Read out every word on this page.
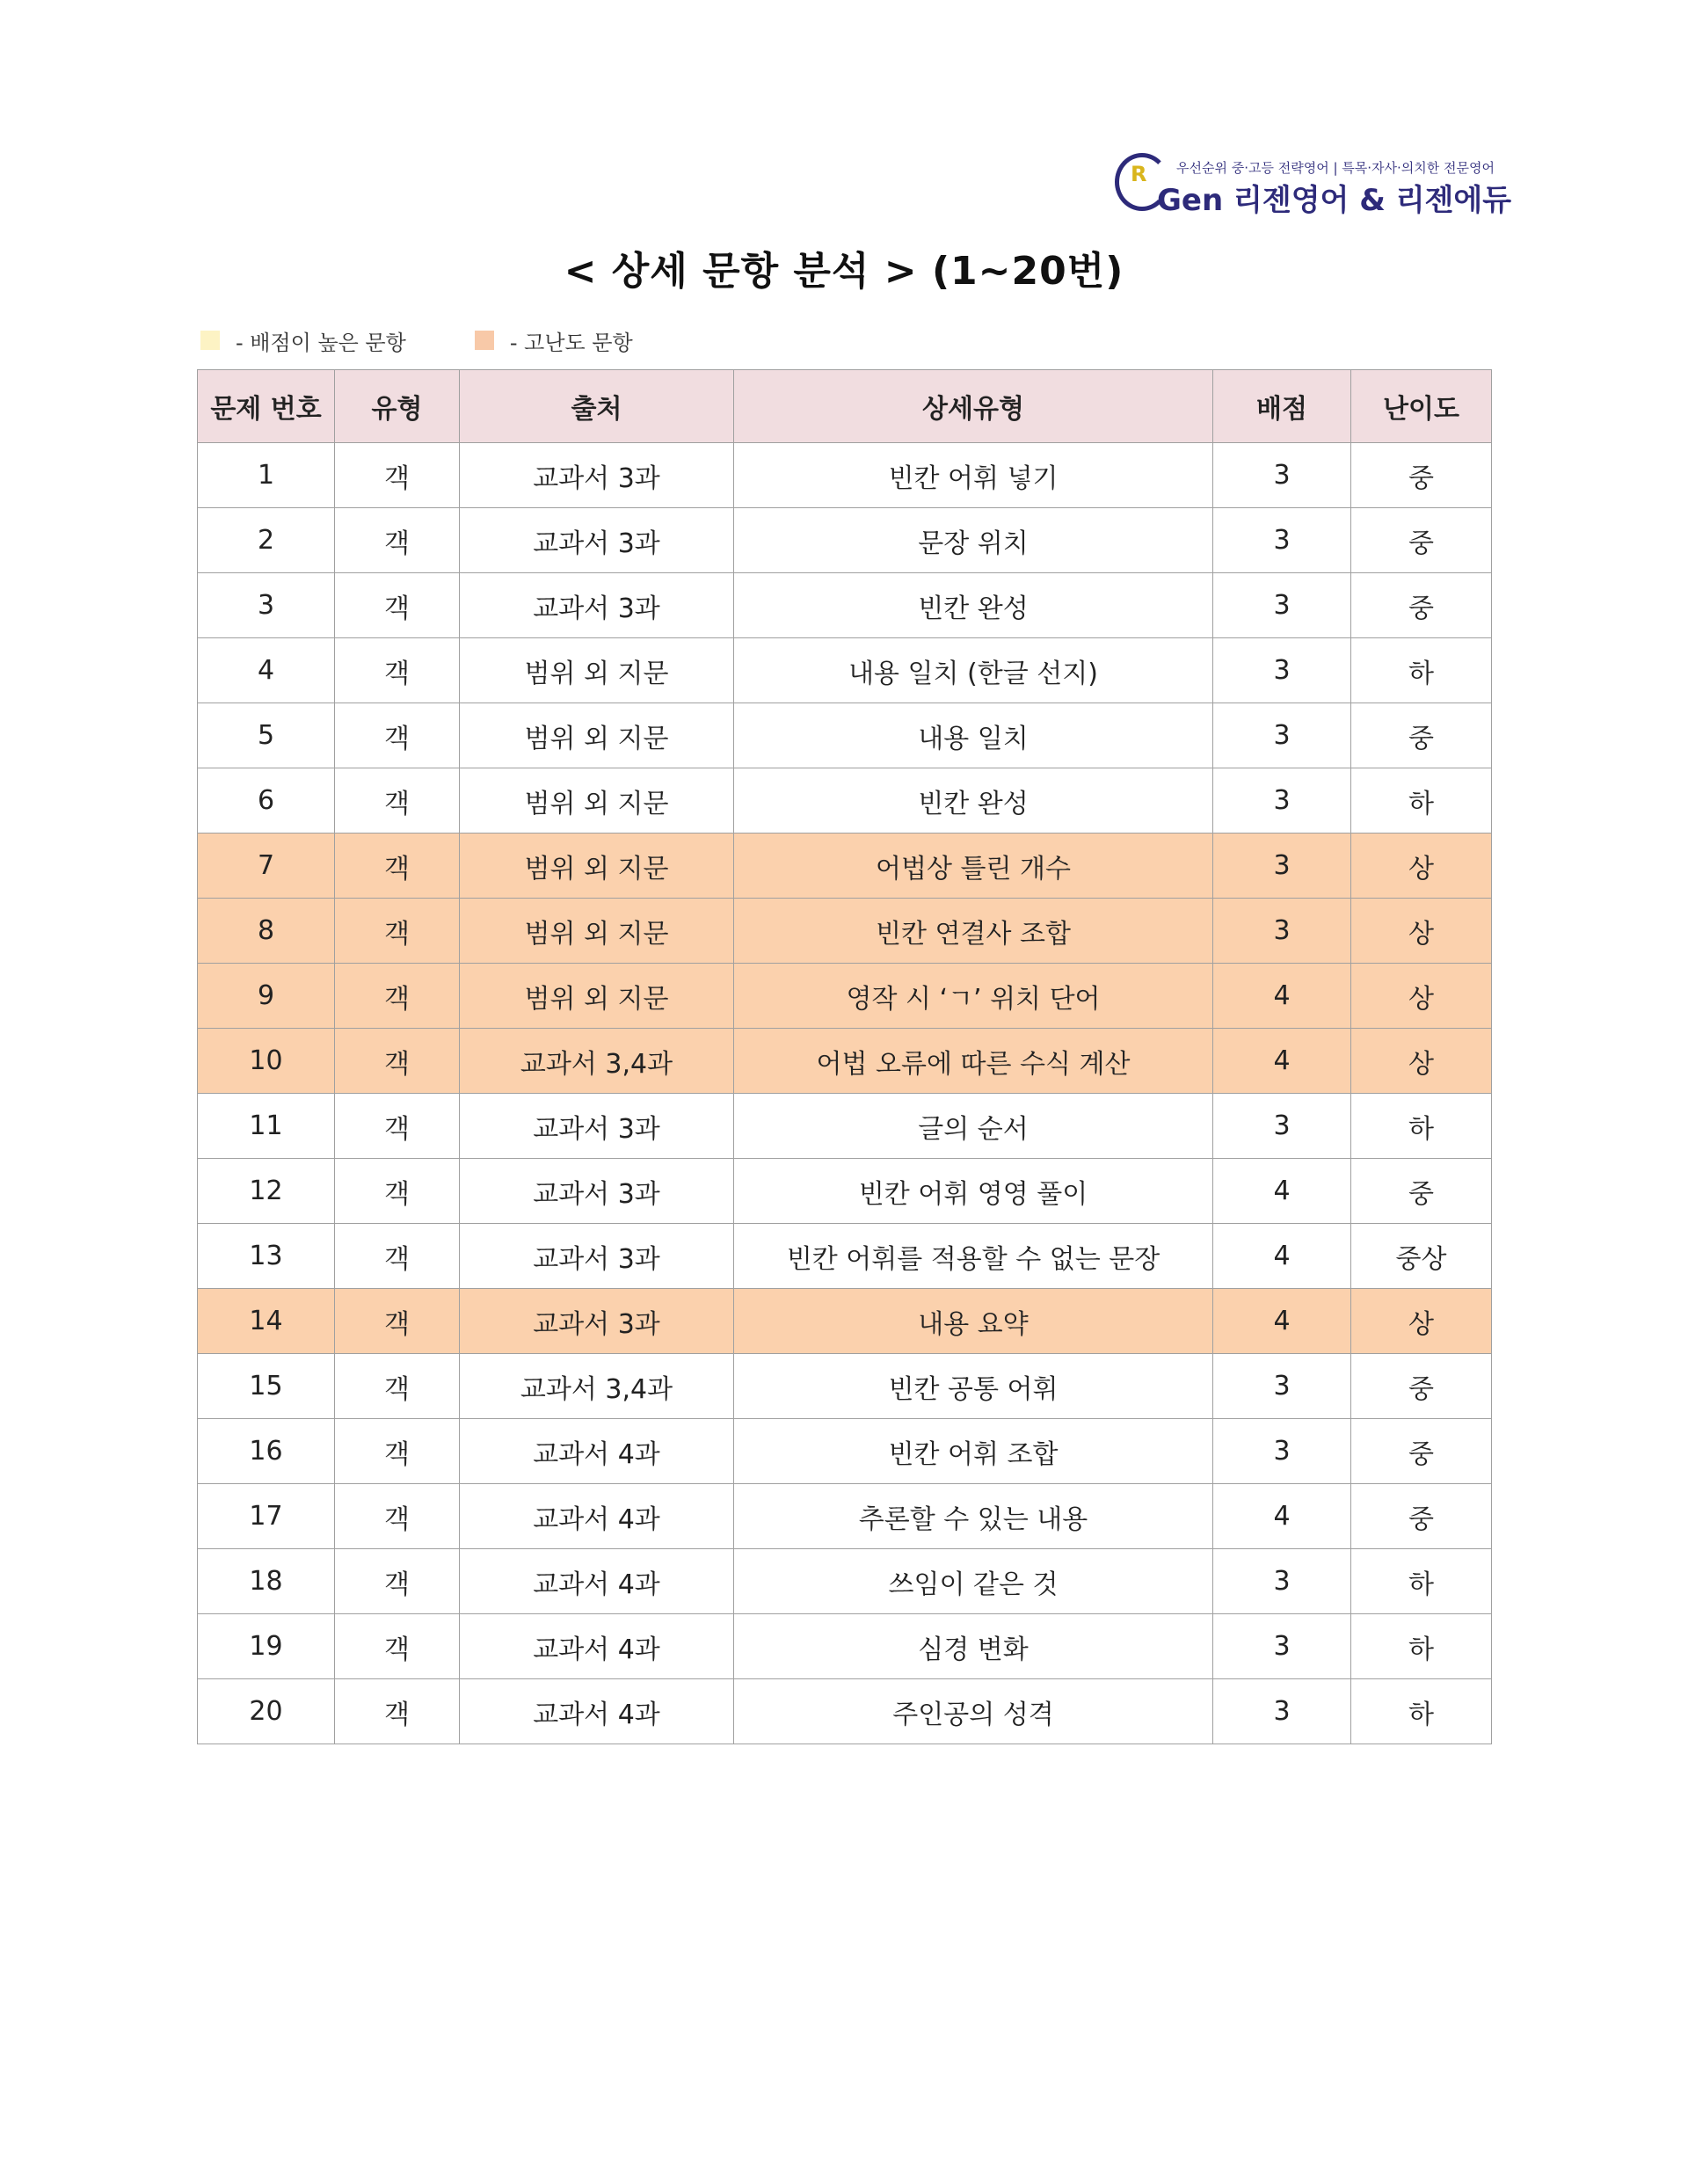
R 우선순위 중·고등 전략영어 | 특목·자사·의치한 전문영어
Gen 리젠영어 & 리젠에듀
< 상세 문항 분석 > (1~20번)
- 배점이 높은 문항	- 고난도 문항
문제 번호	유형	출처	상세유형	배점	난이도
1	객	교과서 3과	빈칸 어휘 넣기	3	중
2	객	교과서 3과	문장 위치	3	중
3	객	교과서 3과	빈칸 완성	3	중
4	객	범위 외 지문	내용 일치 (한글 선지)	3	하
5	객	범위 외 지문	내용 일치	3	중
6	객	범위 외 지문	빈칸 완성	3	하
7	객	범위 외 지문	어법상 틀린 개수	3	상
8	객	범위 외 지문	빈칸 연결사 조합	3	상
9	객	범위 외 지문	영작 시 ‘ㄱ’ 위치 단어	4	상
10	객	교과서 3,4과	어법 오류에 따른 수식 계산	4	상
11	객	교과서 3과	글의 순서	3	하
12	객	교과서 3과	빈칸 어휘 영영 풀이	4	중
13	객	교과서 3과	빈칸 어휘를 적용할 수 없는 문장	4	중상
14	객	교과서 3과	내용 요약	4	상
15	객	교과서 3,4과	빈칸 공통 어휘	3	중
16	객	교과서 4과	빈칸 어휘 조합	3	중
17	객	교과서 4과	추론할 수 있는 내용	4	중
18	객	교과서 4과	쓰임이 같은 것	3	하
19	객	교과서 4과	심경 변화	3	하
20	객	교과서 4과	주인공의 성격	3	하
